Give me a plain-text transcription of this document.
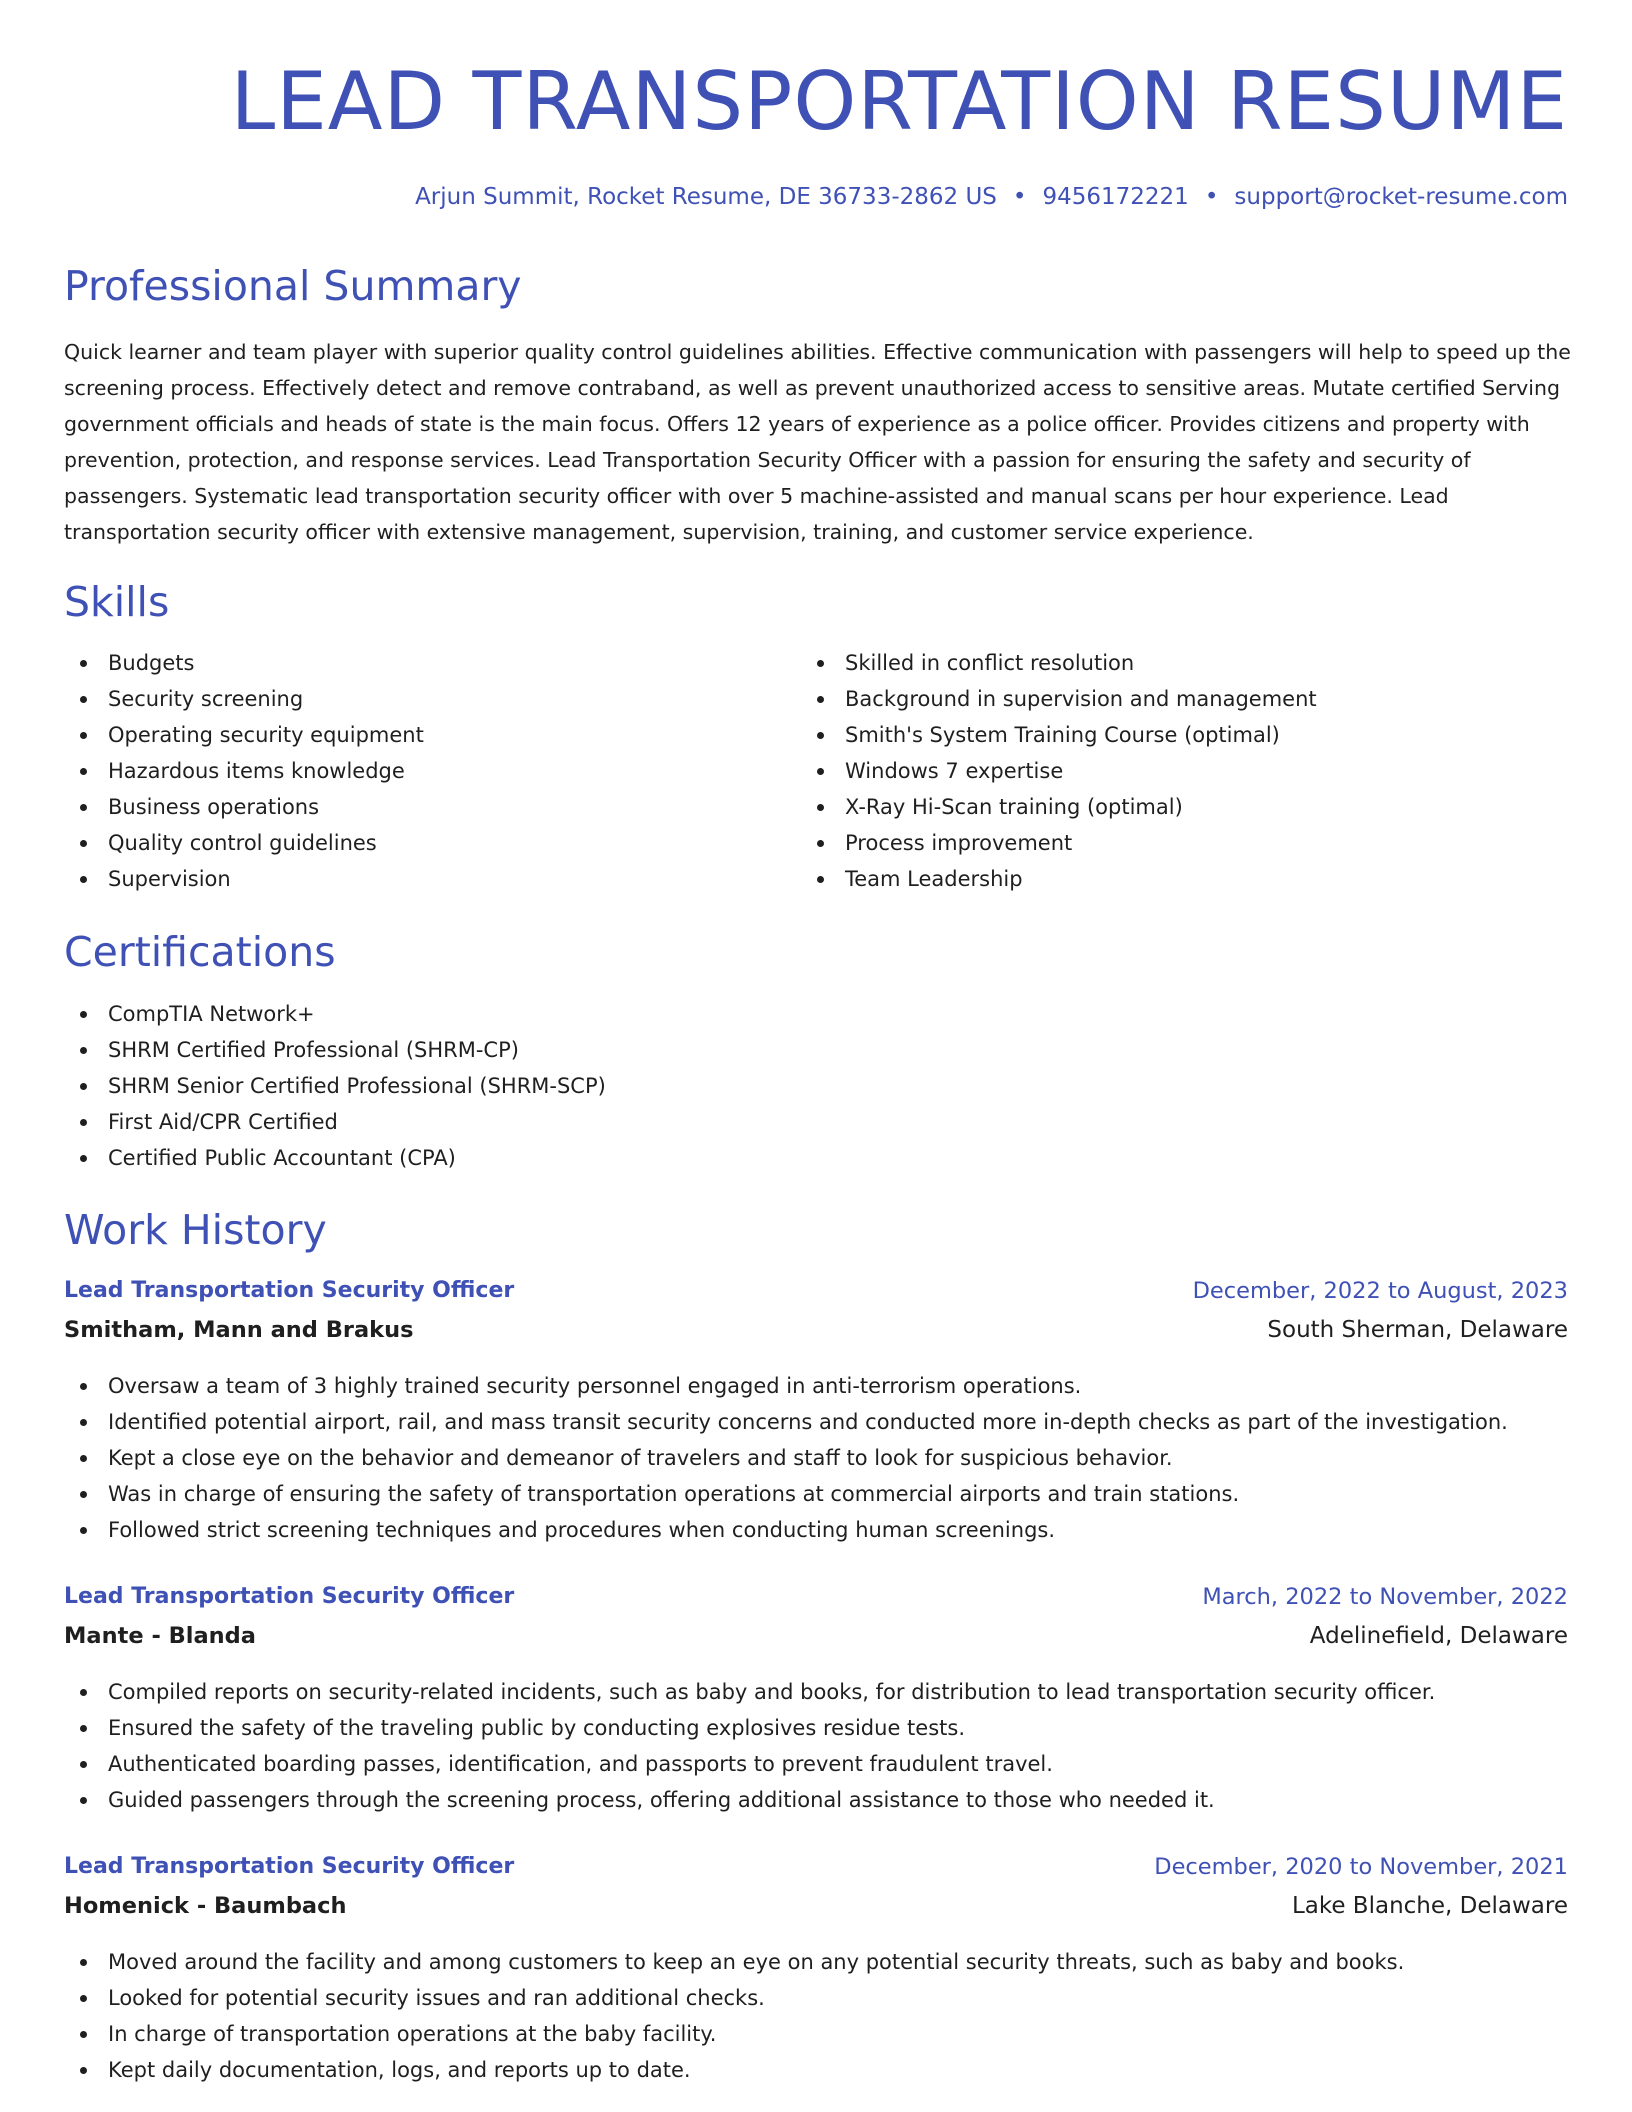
LEAD TRANSPORTATION RESUME
Arjun Summit, Rocket Resume, DE 36733-2862 US • 9456172221 • support@rocket-resume.com
Professional Summary

Quick learner and team player with superior quality control guidelines abilities. Effective communication with passengers will help to speed up the screening process. Effectively detect and remove contraband, as well as prevent unauthorized access to sensitive areas. Mutate certified Serving government officials and heads of state is the main focus. Offers 12 years of experience as a police officer. Provides citizens and property with prevention, protection, and response services. Lead Transportation Security Officer with a passion for ensuring the safety and security of passengers. Systematic lead transportation security officer with over 5 machine-assisted and manual scans per hour experience. Lead transportation security officer with extensive management, supervision, training, and customer service experience.

Skills
Budgets
Security screening
Operating security equipment
Hazardous items knowledge
Business operations
Quality control guidelines
Supervision
Skilled in conflict resolution
Background in supervision and management
Smith's System Training Course (optimal)
Windows 7 expertise
X-Ray Hi-Scan training (optimal)
Process improvement
Team Leadership
Certifications
CompTIA Network+
SHRM Certified Professional (SHRM-CP)
SHRM Senior Certified Professional (SHRM-SCP)
First Aid/CPR Certified
Certified Public Accountant (CPA)
Work History
Lead Transportation Security Officer	December, 2022 to August, 2023
Smitham, Mann and Brakus	South Sherman, Delaware
Oversaw a team of 3 highly trained security personnel engaged in anti-terrorism operations.
Identified potential airport, rail, and mass transit security concerns and conducted more in-depth checks as part of the investigation.
Kept a close eye on the behavior and demeanor of travelers and staff to look for suspicious behavior.
Was in charge of ensuring the safety of transportation operations at commercial airports and train stations.
Followed strict screening techniques and procedures when conducting human screenings.
Lead Transportation Security Officer	March, 2022 to November, 2022
Mante - Blanda	Adelinefield, Delaware
Compiled reports on security-related incidents, such as baby and books, for distribution to lead transportation security officer.
Ensured the safety of the traveling public by conducting explosives residue tests.
Authenticated boarding passes, identification, and passports to prevent fraudulent travel.
Guided passengers through the screening process, offering additional assistance to those who needed it.
Lead Transportation Security Officer	December, 2020 to November, 2021
Homenick - Baumbach	Lake Blanche, Delaware
Moved around the facility and among customers to keep an eye on any potential security threats, such as baby and books.
Looked for potential security issues and ran additional checks.
In charge of transportation operations at the baby facility.
Kept daily documentation, logs, and reports up to date.
